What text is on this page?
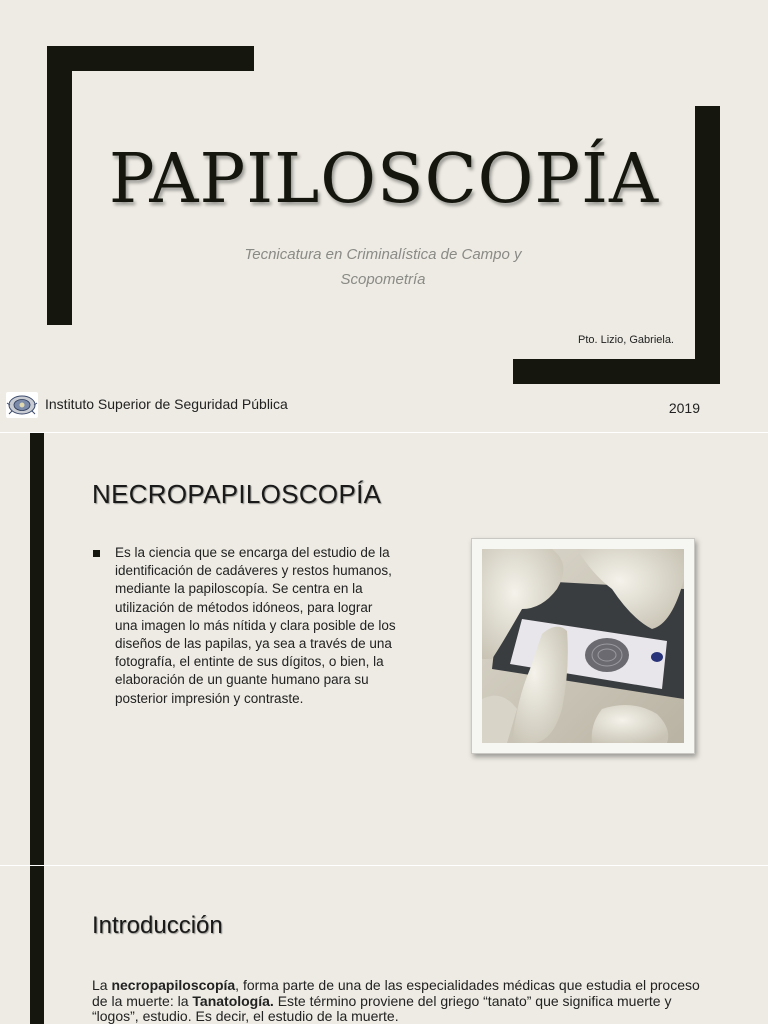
PAPILOSCOPÍA
Tecnicatura en Criminalística de Campo y
Scopometría
Pto. Lizio, Gabriela.
Instituto Superior de Seguridad Pública	2019
NECROPAPILOSCOPÍA
Es la ciencia que se encarga del estudio de la identificación de cadáveres y restos humanos, mediante la papiloscopía. Se centra en la utilización de métodos idóneos, para lograr una imagen lo más nítida y clara posible de los diseños de las papilas, ya sea a través de una fotografía, el entinte de sus dígitos, o bien, la elaboración de un guante humano para su posterior impresión y contraste.
Introducción

La necropapiloscopía, forma parte de una de las especialidades médicas que estudia el proceso de la muerte: la Tanatología. Este término proviene del griego “tanato” que significa muerte y “logos”, estudio. Es decir, el estudio de la muerte.
